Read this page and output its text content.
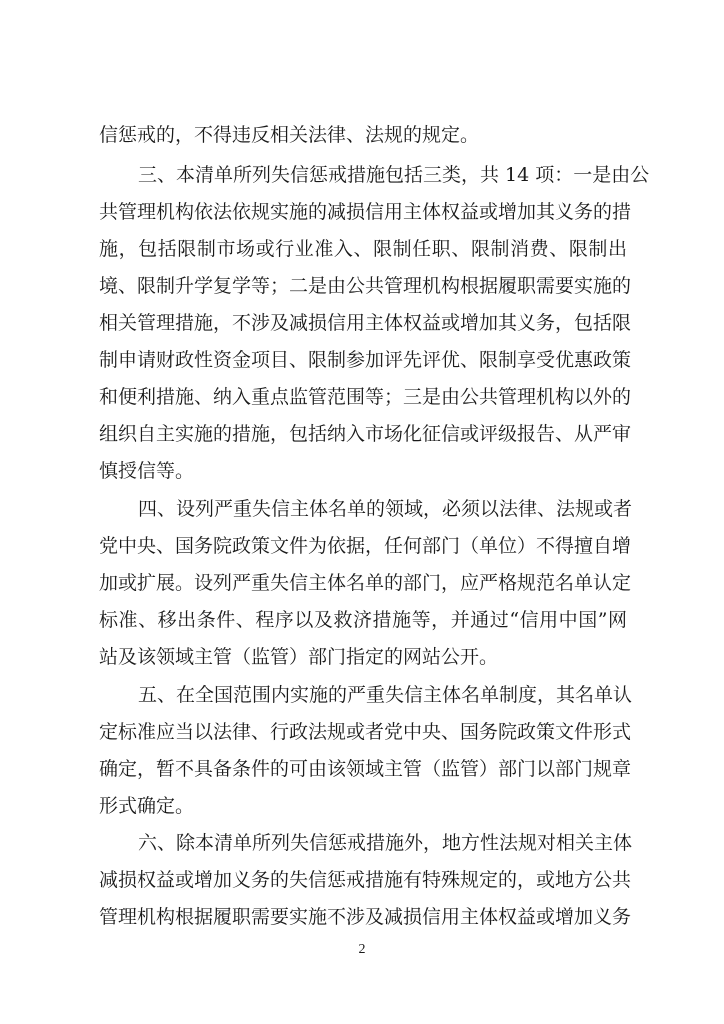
信惩戒的，不得违反相关法律、法规的规定。
三、本清单所列失信惩戒措施包括三类，共 14 项：一是由公
共管理机构依法依规实施的减损信用主体权益或增加其义务的措
施，包括限制市场或行业准入、限制任职、限制消费、限制出
境、限制升学复学等；二是由公共管理机构根据履职需要实施的
相关管理措施，不涉及减损信用主体权益或增加其义务，包括限
制申请财政性资金项目、限制参加评先评优、限制享受优惠政策
和便利措施、纳入重点监管范围等；三是由公共管理机构以外的
组织自主实施的措施，包括纳入市场化征信或评级报告、从严审
慎授信等。
四、设列严重失信主体名单的领域，必须以法律、法规或者
党中央、国务院政策文件为依据，任何部门（单位）不得擅自增
加或扩展。设列严重失信主体名单的部门，应严格规范名单认定
标准、移出条件、程序以及救济措施等，并通过“信用中国”网
站及该领域主管（监管）部门指定的网站公开。
五、在全国范围内实施的严重失信主体名单制度，其名单认
定标准应当以法律、行政法规或者党中央、国务院政策文件形式
确定，暂不具备条件的可由该领域主管（监管）部门以部门规章
形式确定。
六、除本清单所列失信惩戒措施外，地方性法规对相关主体
减损权益或增加义务的失信惩戒措施有特殊规定的，或地方公共
管理机构根据履职需要实施不涉及减损信用主体权益或增加义务
2
